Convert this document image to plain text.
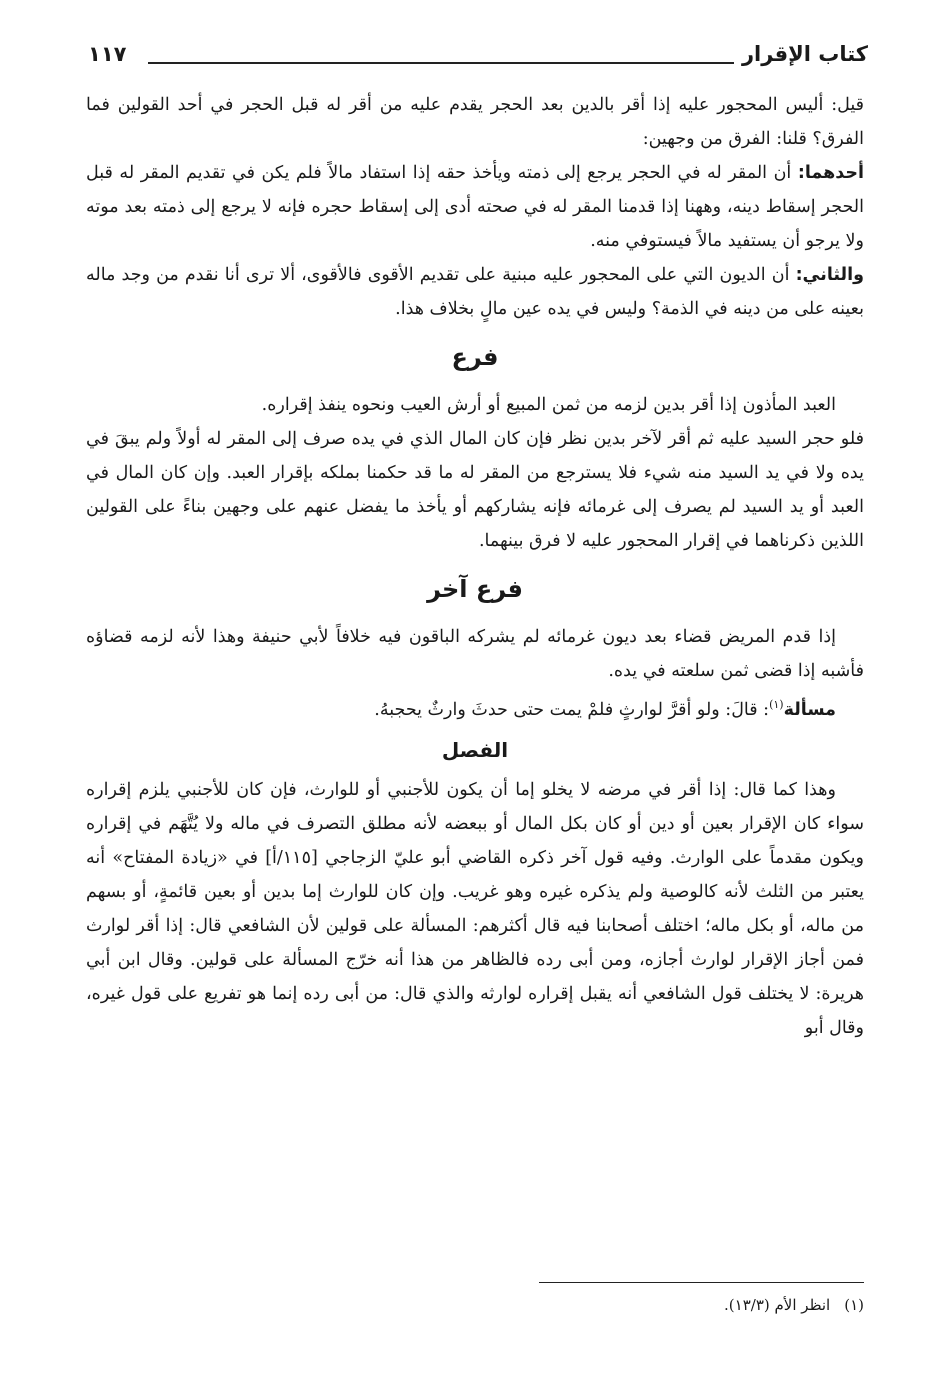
كتاب الإقرار
١١٧

قيل: أليس المحجور عليه إذا أقر بالدين بعد الحجر يقدم عليه من أقر له قبل الحجر في أحد القولين فما الفرق؟ قلنا: الفرق من وجهين:

أحدهما: أن المقر له في الحجر يرجع إلى ذمته ويأخذ حقه إذا استفاد مالاً فلم يكن في تقديم المقر له قبل الحجر إسقاط دينه، وههنا إذا قدمنا المقر له في صحته أدى إلى إسقاط حجره فإنه لا يرجع إلى ذمته بعد موته ولا يرجو أن يستفيد مالاً فيستوفي منه.

والثاني: أن الديون التي على المحجور عليه مبنية على تقديم الأقوى فالأقوى، ألا ترى أنا نقدم من وجد ماله بعينه على من دينه في الذمة؟ وليس في يده عين مالٍ بخلاف هذا.

فرع

العبد المأذون إذا أقر بدين لزمه من ثمن المبيع أو أرش العيب ونحوه ينفذ إقراره.

فلو حجر السيد عليه ثم أقر لآخر بدين نظر فإن كان المال الذي في يده صرف إلى المقر له أولاً ولم يبقَ في يده ولا في يد السيد منه شيء فلا يسترجع من المقر له ما قد حكمنا بملكه بإقرار العبد. وإن كان المال في العبد أو يد السيد لم يصرف إلى غرمائه فإنه يشاركهم أو يأخذ ما يفضل عنهم على وجهين بناءً على القولين اللذين ذكرناهما في إقرار المحجور عليه لا فرق بينهما.

فرع آخر

إذا قدم المريض قضاء بعد ديون غرمائه لم يشركه الباقون فيه خلافاً لأبي حنيفة وهذا لأنه لزمه قضاؤه فأشبه إذا قضى ثمن سلعته في يده.

مسألة$^{(١)}$: قالَ: ولو أقرَّ لوارثٍ فلمْ يمت حتى حدثَ وارثٌ يحجبهُ.

الفصل

وهذا كما قال: إذا أقر في مرضه لا يخلو إما أن يكون للأجنبي أو للوارث، فإن كان للأجنبي يلزم إقراره سواء كان الإقرار بعين أو دين أو كان بكل المال أو ببعضه لأنه مطلق التصرف في ماله ولا يُتَّهَم في إقراره ويكون مقدماً على الوارث. وفيه قول آخر ذكره القاضي أبو عليّ الزجاجي [١١٥/أ] في «زيادة المفتاح» أنه يعتبر من الثلث لأنه كالوصية ولم يذكره غيره وهو غريب. وإن كان للوارث إما بدين أو بعين قائمةٍ، أو بسهم من ماله، أو بكل ماله؛ اختلف أصحابنا فيه قال أكثرهم: المسألة على قولين لأن الشافعي قال: إذا أقر لوارث فمن أجاز الإقرار لوارث أجازه، ومن أبى رده فالظاهر من هذا أنه خرّج المسألة على قولين. وقال ابن أبي هريرة: لا يختلف قول الشافعي أنه يقبل إقراره لوارثه والذي قال: من أبى رده إنما هو تفريع على قول غيره، وقال أبو

(١)انظر الأم (١٣/٣).
